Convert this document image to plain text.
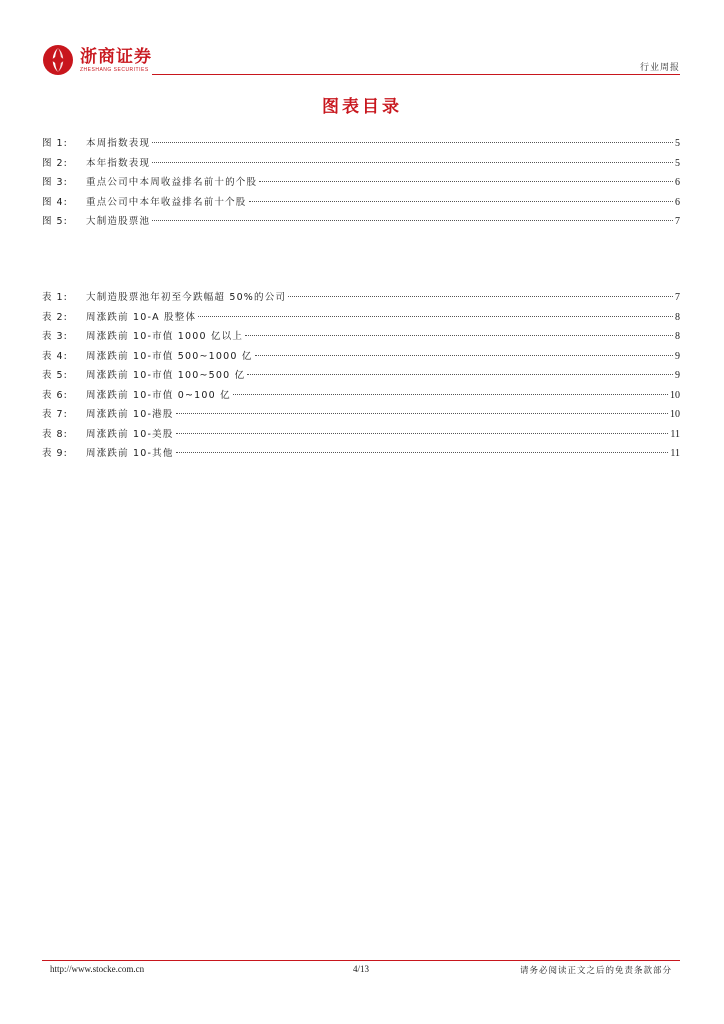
浙商证券
ZHESHANG SECURITIES	行业周报
图表目录
图 1:	本周指数表现	5
图 2:	本年指数表现	5
图 3:	重点公司中本周收益排名前十的个股	6
图 4:	重点公司中本年收益排名前十个股	6
图 5:	大制造股票池	7
表 1:	大制造股票池年初至今跌幅超 50%的公司	7
表 2:	周涨跌前 10-A 股整体	8
表 3:	周涨跌前 10-市值 1000 亿以上	8
表 4:	周涨跌前 10-市值 500~1000 亿	9
表 5:	周涨跌前 10-市值 100~500 亿	9
表 6:	周涨跌前 10-市值 0~100 亿	10
表 7:	周涨跌前 10-港股	10
表 8:	周涨跌前 10-美股	11
表 9:	周涨跌前 10-其他	11
http://www.stocke.com.cn	4/13	请务必阅读正文之后的免责条款部分
